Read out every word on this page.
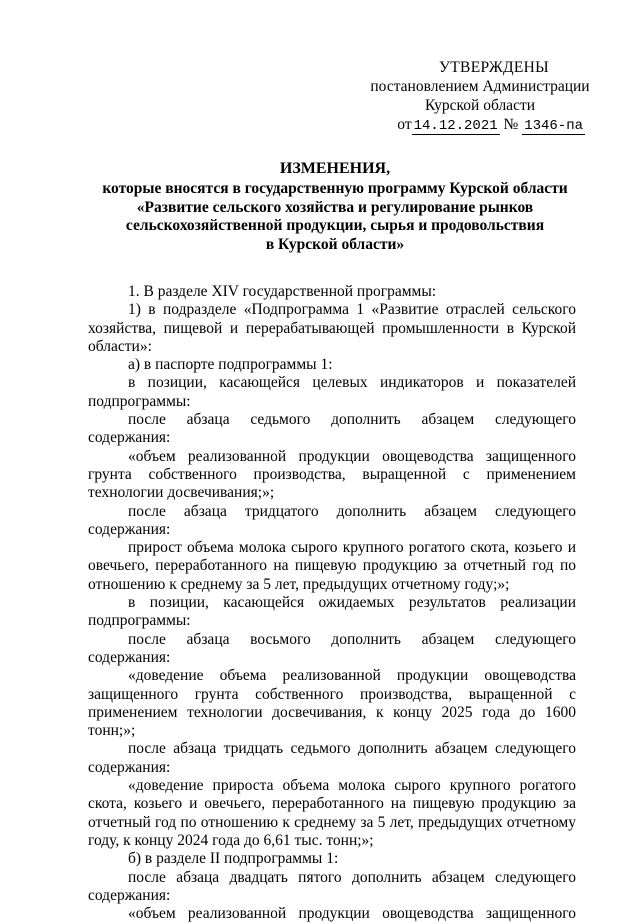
УТВЕРЖДЕНЫ
постановлением Администрации
Курской области
от 14.12.2021 № 1346-па
ИЗМЕНЕНИЯ,
которые вносятся в государственную программу Курской области
«Развитие сельского хозяйства и регулирование рынков
сельскохозяйственной продукции, сырья и продовольствия
в Курской области»

1. В разделе XIV государственной программы:

1) в подразделе «Подпрограмма 1 «Развитие отраслей сельского хозяйства, пищевой и перерабатывающей промышленности в Курской области»:

а) в паспорте подпрограммы 1:

в позиции, касающейся целевых индикаторов и показателей подпрограммы:

после абзаца седьмого дополнить абзацем следующего содержания:

«объем реализованной продукции овощеводства защищенного грунта собственного производства, выращенной с применением технологии досвечивания;»;

после абзаца тридцатого дополнить абзацем следующего содержания:

прирост объема молока сырого крупного рогатого скота, козьего и овечьего, переработанного на пищевую продукцию за отчетный год по отношению к среднему за 5 лет, предыдущих отчетному году;»;

в позиции, касающейся ожидаемых результатов реализации подпрограммы:

после абзаца восьмого дополнить абзацем следующего содержания:

«доведение объема реализованной продукции овощеводства защищенного грунта собственного производства, выращенной с применением технологии досвечивания, к концу 2025 года до 1600 тонн;»;

после абзаца тридцать седьмого дополнить абзацем следующего содержания:

«доведение прироста объема молока сырого крупного рогатого скота, козьего и овечьего, переработанного на пищевую продукцию за отчетный год по отношению к среднему за 5 лет, предыдущих отчетному году, к концу 2024 года до 6,61 тыс. тонн;»;

б) в разделе II подпрограммы 1:

после абзаца двадцать пятого дополнить абзацем следующего содержания:

«объем реализованной продукции овощеводства защищенного
